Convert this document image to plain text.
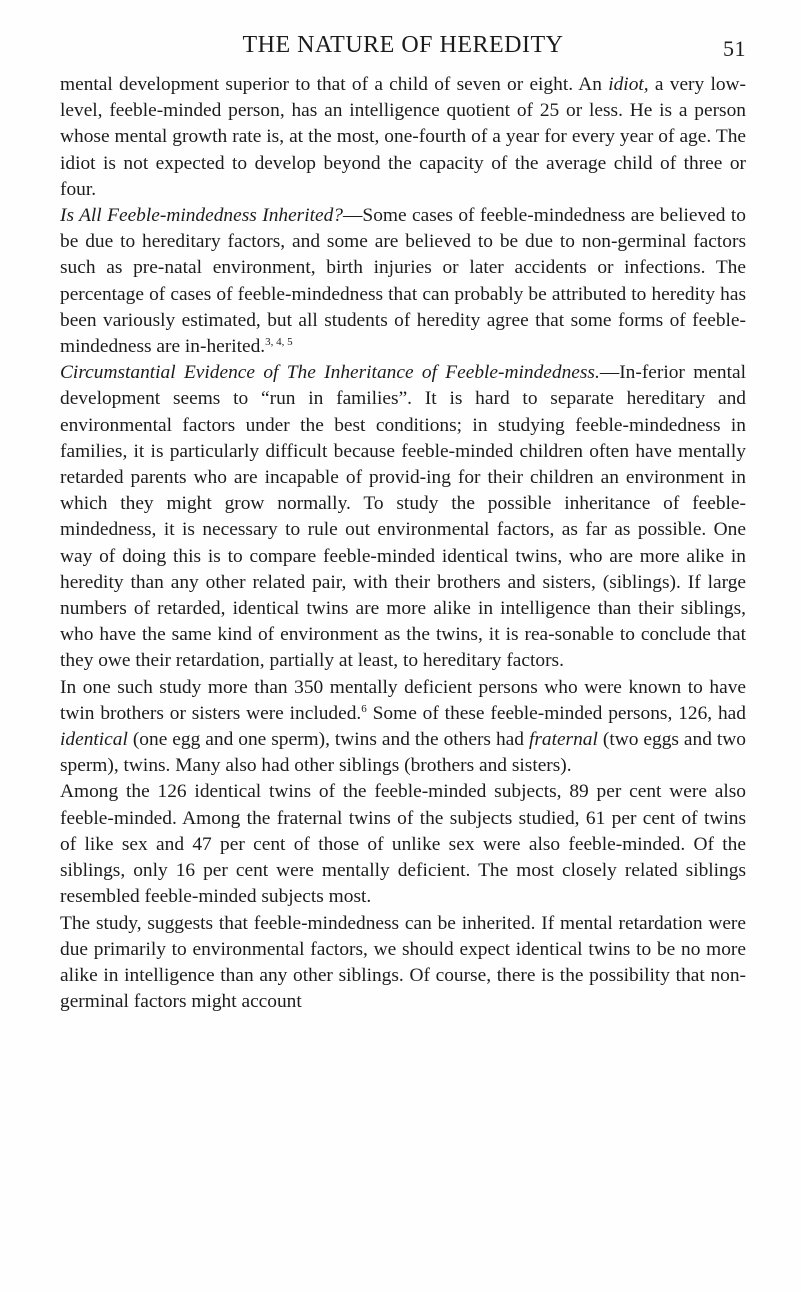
THE NATURE OF HEREDITY	51

mental development superior to that of a child of seven or eight. An idiot, a very low-level, feeble-minded person, has an intelligence quotient of 25 or less. He is a person whose mental growth rate is, at the most, one-fourth of a year for every year of age. The idiot is not expected to develop beyond the capacity of the average child of three or four.

Is All Feeble-mindedness Inherited?—Some cases of feeble-mindedness are believed to be due to hereditary factors, and some are believed to be due to non-germinal factors such as pre-natal environment, birth injuries or later accidents or infections. The percentage of cases of feeble-mindedness that can probably be attributed to heredity has been variously estimated, but all students of heredity agree that some forms of feeble-mindedness are in-herited.$^{3, 4, 5}$

Circumstantial Evidence of The Inheritance of Feeble-mindedness.—In-ferior mental development seems to “run in families”. It is hard to separate hereditary and environmental factors under the best conditions; in studying feeble-mindedness in families, it is particularly difficult because feeble-minded children often have mentally retarded parents who are incapable of provid-ing for their children an environment in which they might grow normally. To study the possible inheritance of feeble-mindedness, it is necessary to rule out environmental factors, as far as possible. One way of doing this is to compare feeble-minded identical twins, who are more alike in heredity than any other related pair, with their brothers and sisters, (siblings). If large numbers of retarded, identical twins are more alike in intelligence than their siblings, who have the same kind of environment as the twins, it is rea-sonable to conclude that they owe their retardation, partially at least, to hereditary factors.

In one such study more than 350 mentally deficient persons who were known to have twin brothers or sisters were included.$^6$ Some of these feeble-minded persons, 126, had identical (one egg and one sperm), twins and the others had fraternal (two eggs and two sperm), twins. Many also had other siblings (brothers and sisters).

Among the 126 identical twins of the feeble-minded subjects, 89 per cent were also feeble-minded. Among the fraternal twins of the subjects studied, 61 per cent of twins of like sex and 47 per cent of those of unlike sex were also feeble-minded. Of the siblings, only 16 per cent were mentally deficient. The most closely related siblings resembled feeble-minded subjects most.

The study, suggests that feeble-mindedness can be inherited. If mental retardation were due primarily to environmental factors, we should expect identical twins to be no more alike in intelligence than any other siblings. Of course, there is the possibility that non-germinal factors might account
